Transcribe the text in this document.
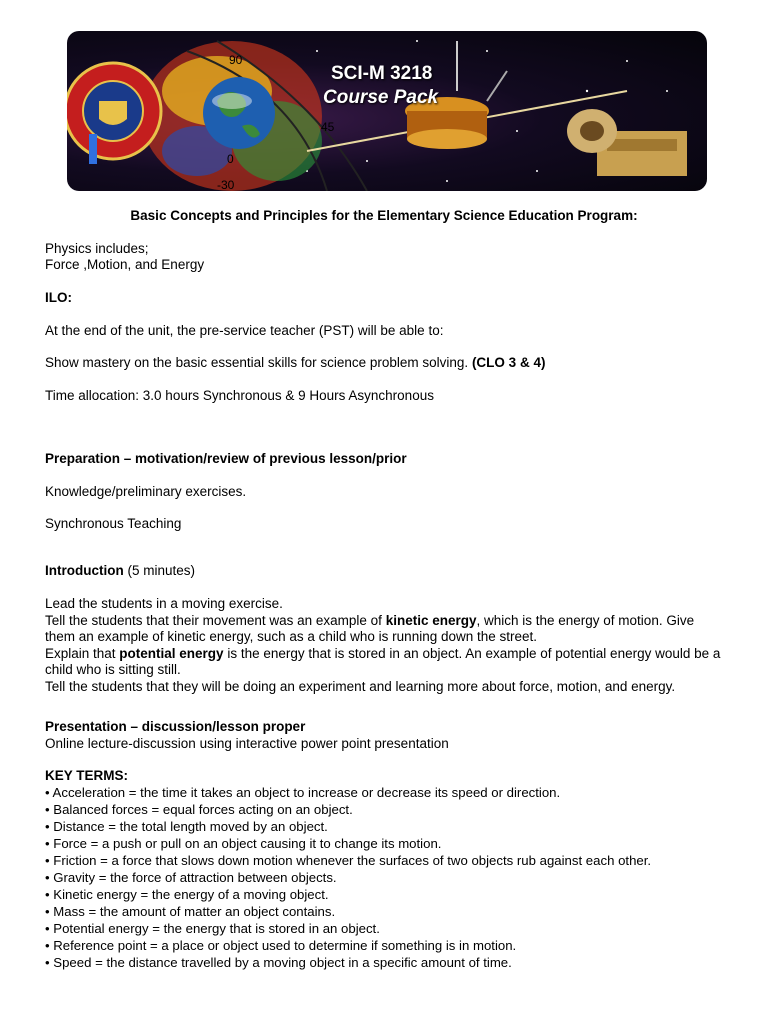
90
45
0
-30
SCI-M 3218
Course Pack
Basic Concepts and Principles for the Elementary Science Education Program:
Physics includes;
Force ,Motion, and Energy
ILO:
At the end of the unit, the pre-service teacher (PST) will be able to:
Show mastery on the basic essential skills for science problem solving. (CLO 3 & 4)
Time allocation: 3.0 hours Synchronous & 9 Hours Asynchronous
Preparation – motivation/review of previous lesson/prior
Knowledge/preliminary exercises.
Synchronous Teaching
Introduction (5 minutes)
Lead the students in a moving exercise.
Tell the students that their movement was an example of kinetic energy, which is the energy of motion. Give them an example of kinetic energy, such as a child who is running down the street.
Explain that potential energy is the energy that is stored in an object. An example of potential energy would be a child who is sitting still.
Tell the students that they will be doing an experiment and learning more about force, motion, and energy.
Presentation – discussion/lesson proper
Online lecture-discussion using interactive power point presentation
KEY TERMS:
• Acceleration = the time it takes an object to increase or decrease its speed or direction.
• Balanced forces = equal forces acting on an object.
• Distance = the total length moved by an object.
• Force = a push or pull on an object causing it to change its motion.
• Friction = a force that slows down motion whenever the surfaces of two objects rub against each other.
• Gravity = the force of attraction between objects.
• Kinetic energy = the energy of a moving object.
• Mass = the amount of matter an object contains.
• Potential energy = the energy that is stored in an object.
• Reference point = a place or object used to determine if something is in motion.
• Speed = the distance travelled by a moving object in a specific amount of time.
